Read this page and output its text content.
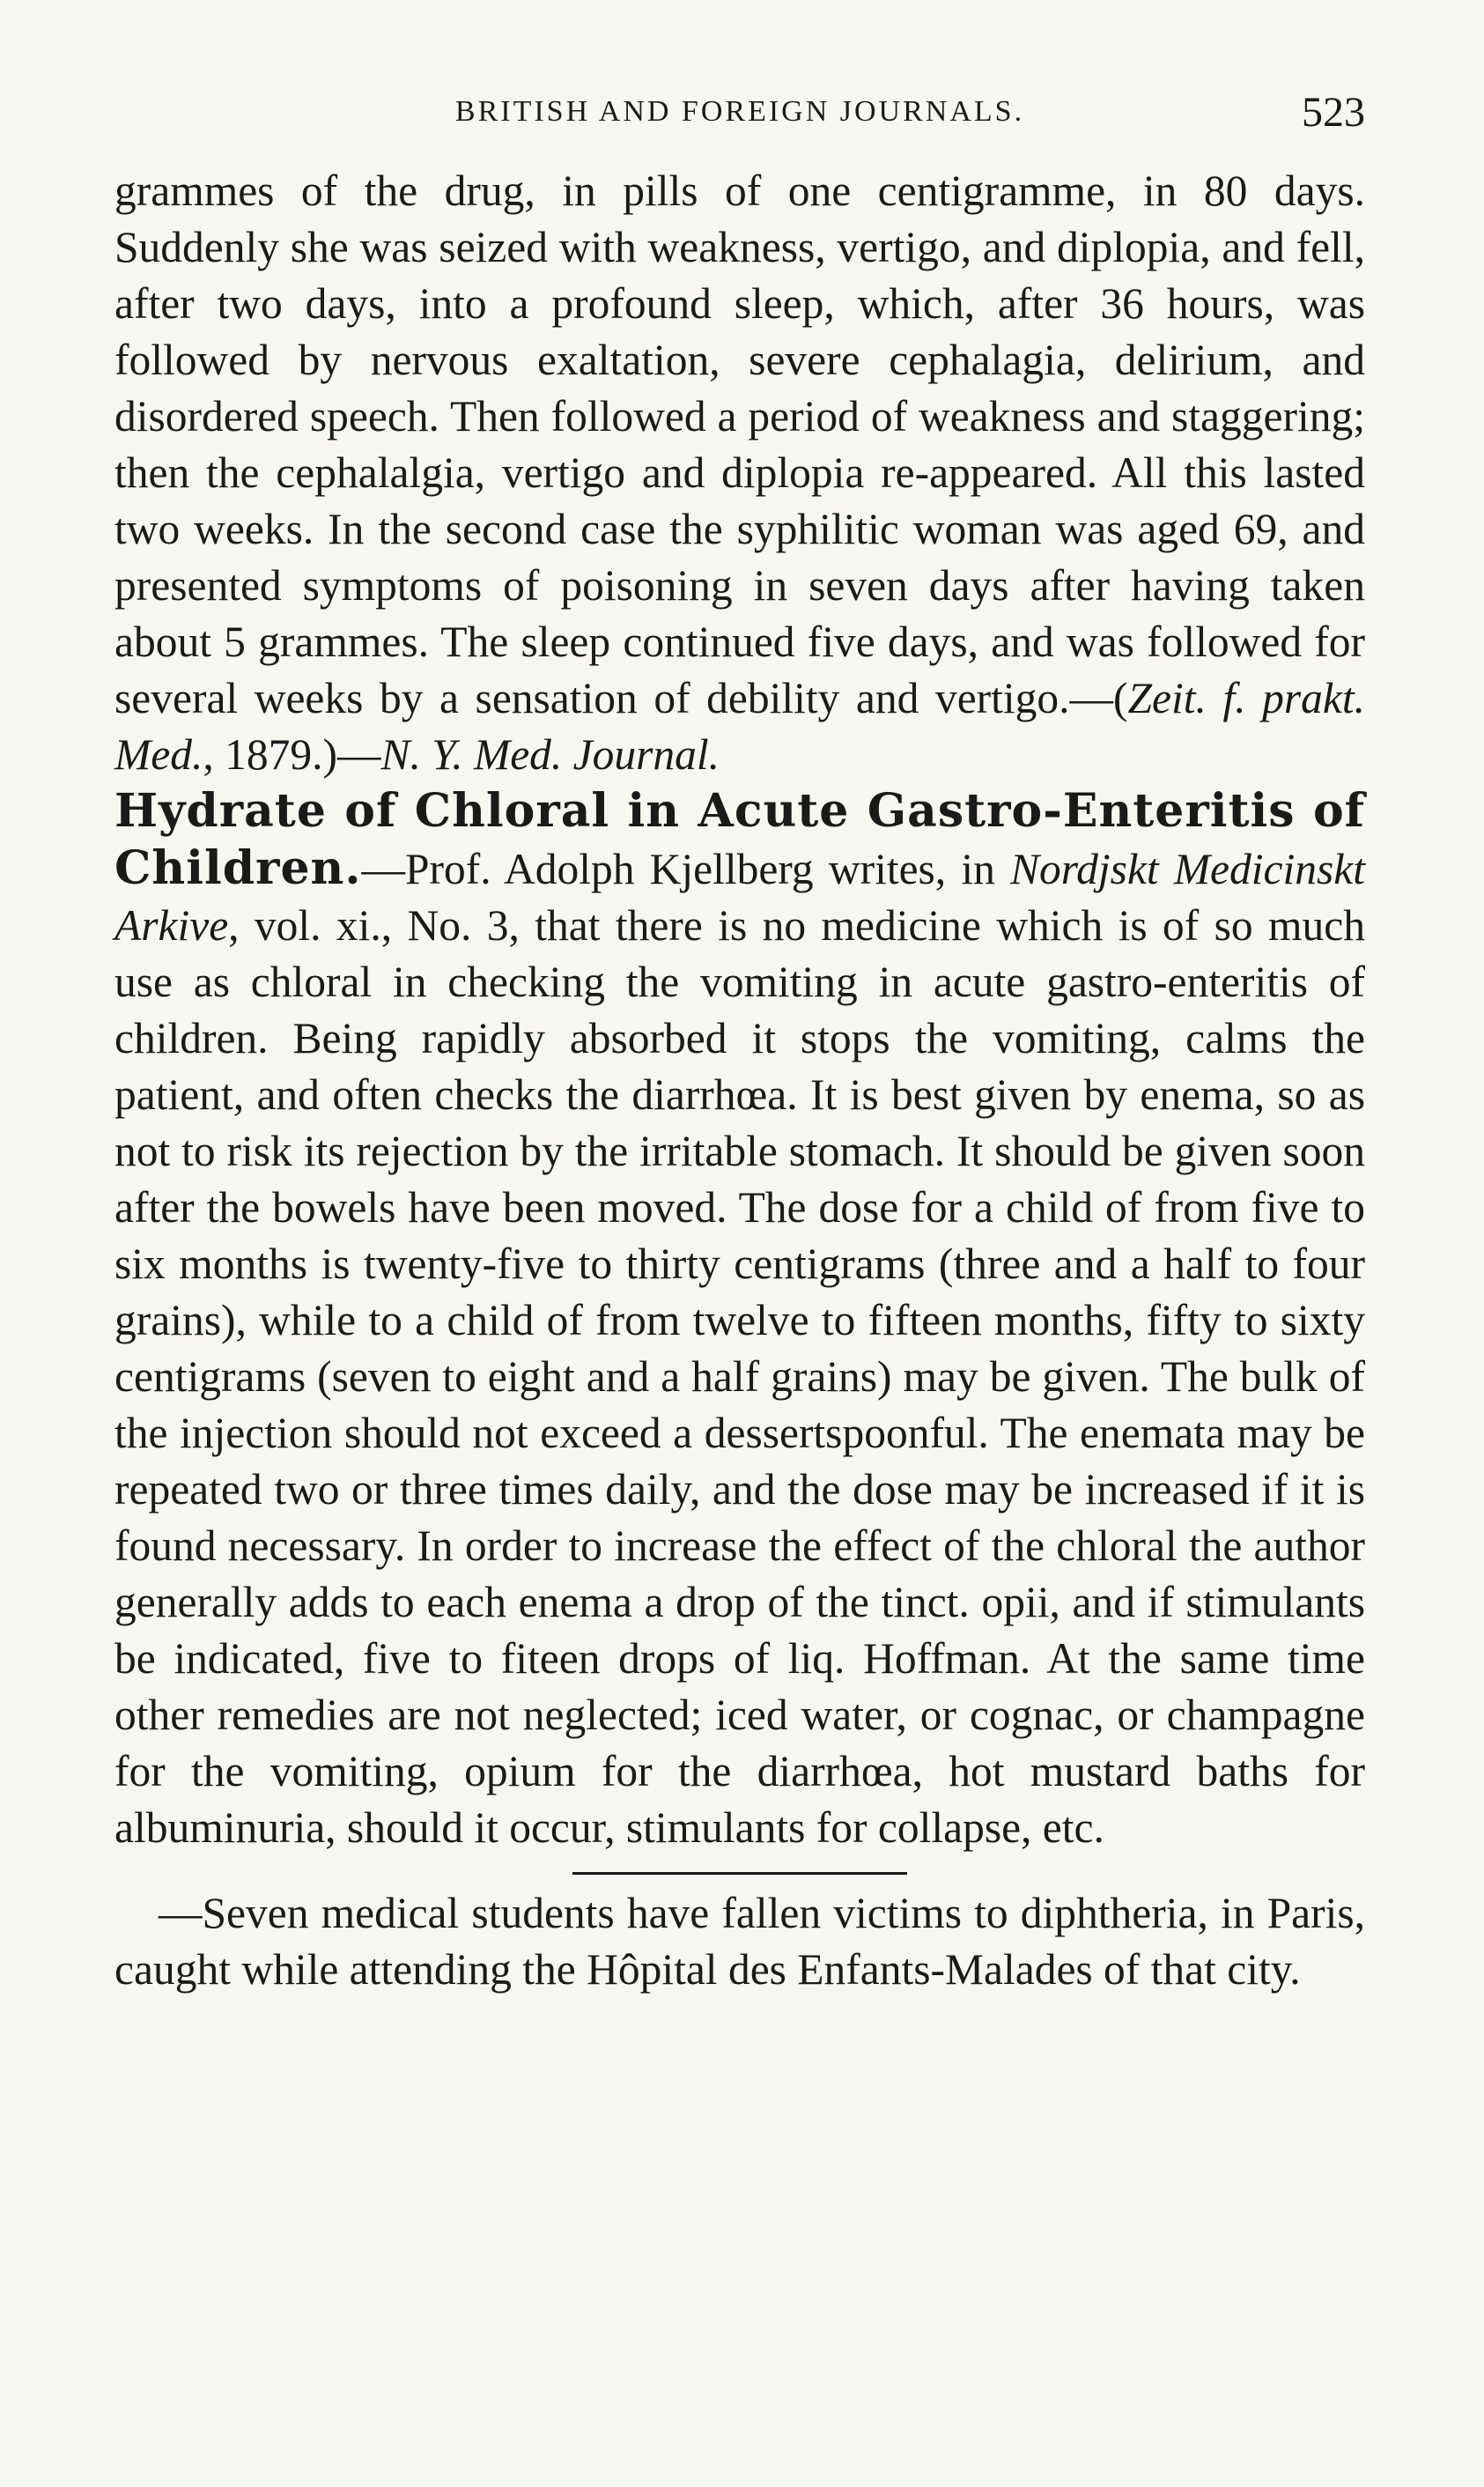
BRITISH AND FOREIGN JOURNALS.	523

grammes of the drug, in pills of one centigramme, in 80 days. Suddenly she was seized with weakness, vertigo, and diplopia, and fell, after two days, into a profound sleep, which, after 36 hours, was followed by nervous exaltation, severe cephalagia, delirium, and disordered speech. Then followed a period of weakness and staggering; then the cephalalgia, vertigo and diplopia re-appeared. All this lasted two weeks. In the second case the syphilitic woman was aged 69, and presented symptoms of poisoning in seven days after having taken about 5 grammes. The sleep continued five days, and was followed for several weeks by a sensation of debility and vertigo.—(Zeit. f. prakt. Med., 1879.)—N. Y. Med. Journal.

Hydrate of Chloral in Acute Gastro-Enteritis of Children.—Prof. Adolph Kjellberg writes, in Nordjskt Medicinskt Arkive, vol. xi., No. 3, that there is no medicine which is of so much use as chloral in checking the vomiting in acute gastro-enteritis of children. Being rapidly absorbed it stops the vomiting, calms the patient, and often checks the diarrhœa. It is best given by enema, so as not to risk its rejection by the irritable stomach. It should be given soon after the bowels have been moved. The dose for a child of from five to six months is twenty-five to thirty centigrams (three and a half to four grains), while to a child of from twelve to fifteen months, fifty to sixty centigrams (seven to eight and a half grains) may be given. The bulk of the injection should not exceed a dessertspoonful. The enemata may be repeated two or three times daily, and the dose may be increased if it is found necessary. In order to increase the effect of the chloral the author generally adds to each enema a drop of the tinct. opii, and if stimulants be indicated, five to fiteen drops of liq. Hoffman. At the same time other remedies are not neglected; iced water, or cognac, or champagne for the vomiting, opium for the diarrhœa, hot mustard baths for albuminuria, should it occur, stimulants for collapse, etc.

—Seven medical students have fallen victims to diphtheria, in Paris, caught while attending the Hôpital des Enfants-Malades of that city.
